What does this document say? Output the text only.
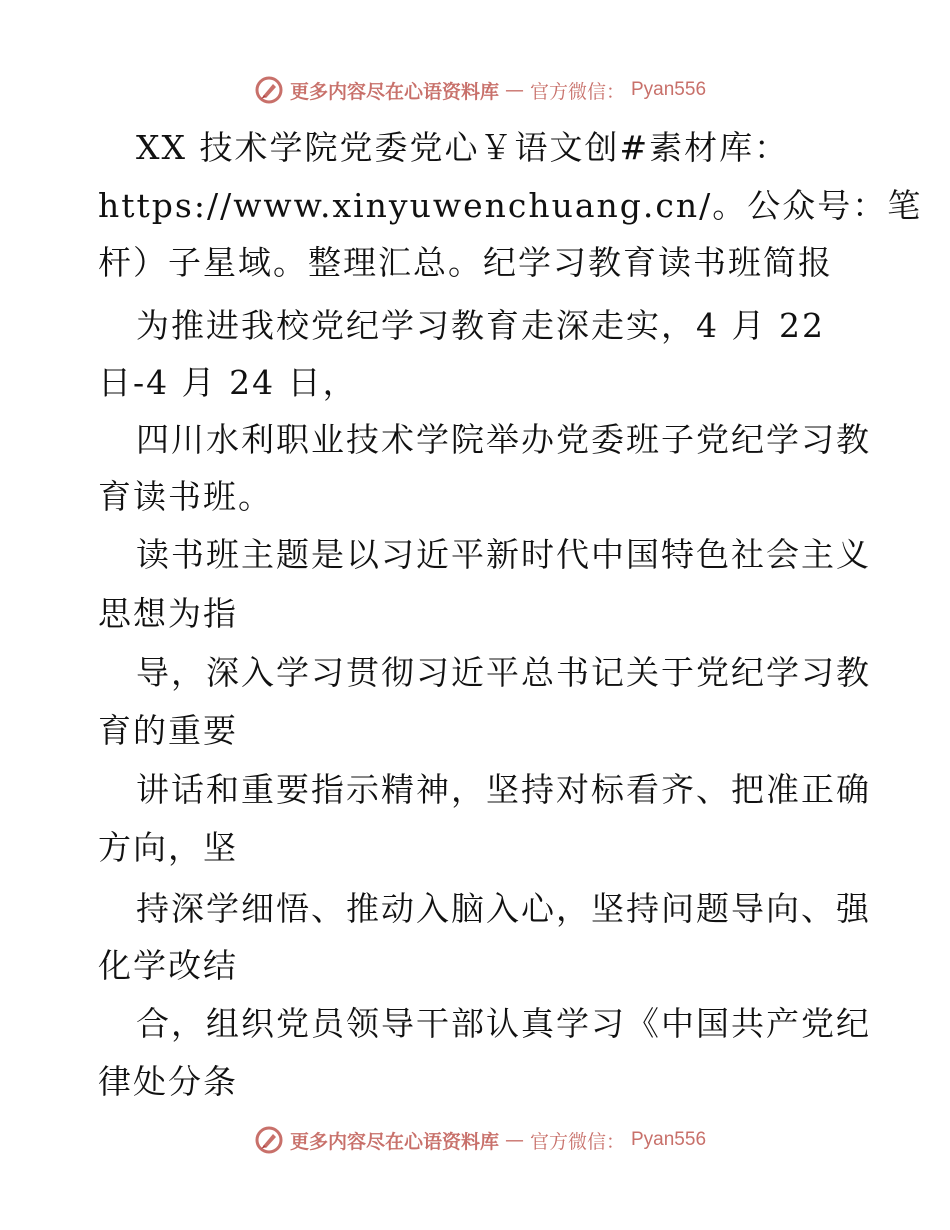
更多内容尽在心语资料库 — 官方微信： Pyan556
XX 技术学院党委党心￥语文创#素材库：
https://www.xinyuwenchuang.cn/。公众号：笔
杆）子星域。整理汇总。纪学习教育读书班简报
为推进我校党纪学习教育走深走实，4 月 22
日-4 月 24 日，
四川水利职业技术学院举办党委班子党纪学习教
育读书班。
读书班主题是以习近平新时代中国特色社会主义
思想为指
导，深入学习贯彻习近平总书记关于党纪学习教
育的重要
讲话和重要指示精神，坚持对标看齐、把准正确
方向，坚
持深学细悟、推动入脑入心，坚持问题导向、强
化学改结
合，组织党员领导干部认真学习《中国共产党纪
律处分条
更多内容尽在心语资料库 — 官方微信： Pyan556
